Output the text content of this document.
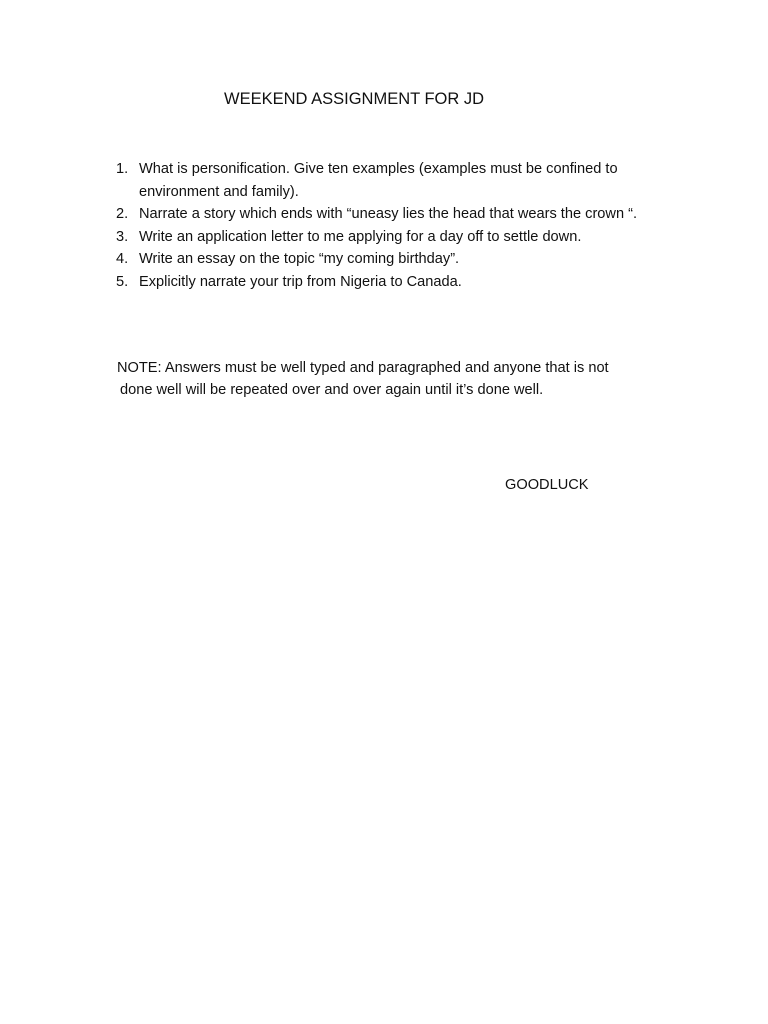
WEEKEND ASSIGNMENT FOR JD
1. What is personification. Give ten examples (examples must be confined to environment and family).
2. Narrate a story which ends with “uneasy lies the head that wears the crown “.
3. Write an application letter to me applying for a day off to settle down.
4. Write an essay on the topic “my coming birthday”.
5. Explicitly narrate your trip from Nigeria to Canada.
NOTE: Answers must be well typed and paragraphed and anyone that is not
done well will be repeated over and over again until it’s done well.
GOODLUCK
